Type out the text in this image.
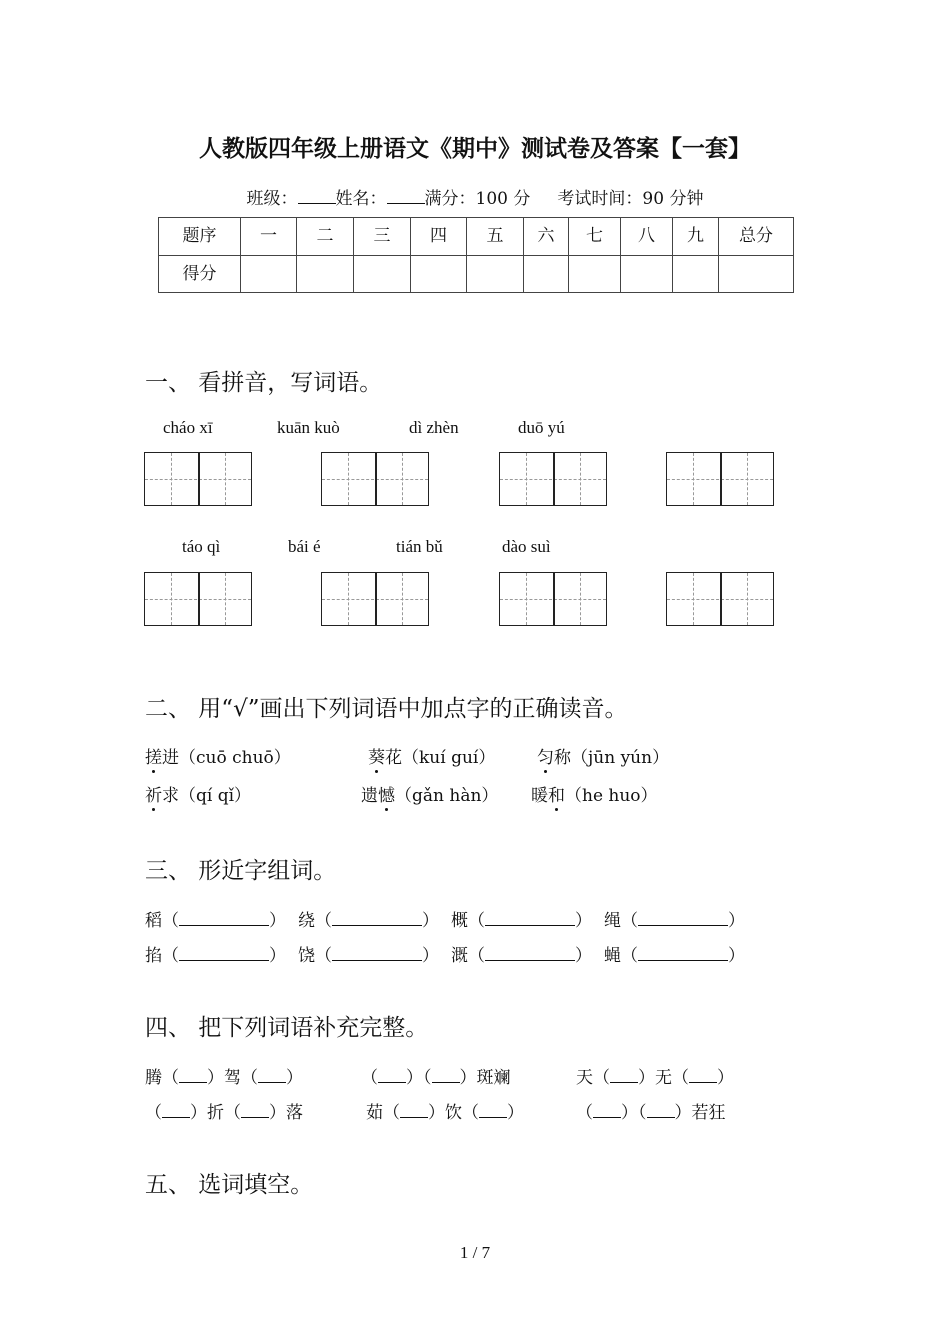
人教版四年级上册语文《期中》测试卷及答案【一套】
班级： 姓名： 满分：100 分 考试时间：90 分钟
题序	一	二	三	四	五	六	七	八	九	总分
得分										
一、 看拼音，写词语。
cháo xī	kuān kuò	dì zhèn	duō yú
táo qì	bái é	tián bǔ	dào suì
二、 用“√”画出下列词语中加点字的正确读音。
搓进（cuō chuō）	葵花（kuí guí） 匀称（jūn yún）
祈求（qí qǐ）	遗憾（gǎn hàn） 暖和（he huo）
三、 形近字组词。
稻（	） 绕（	） 概（	） 绳（	）
掐（	） 饶（	） 溉（	） 蝇（	）
四、 把下列词语补充完整。
腾（ ）驾（ ）	（ ）（ ）斑斓	天（ ）无（ ）
（ ）折（ ）落	茹（ ）饮（ ）	（ ）（ ）若狂
五、 选词填空。
1 / 7
